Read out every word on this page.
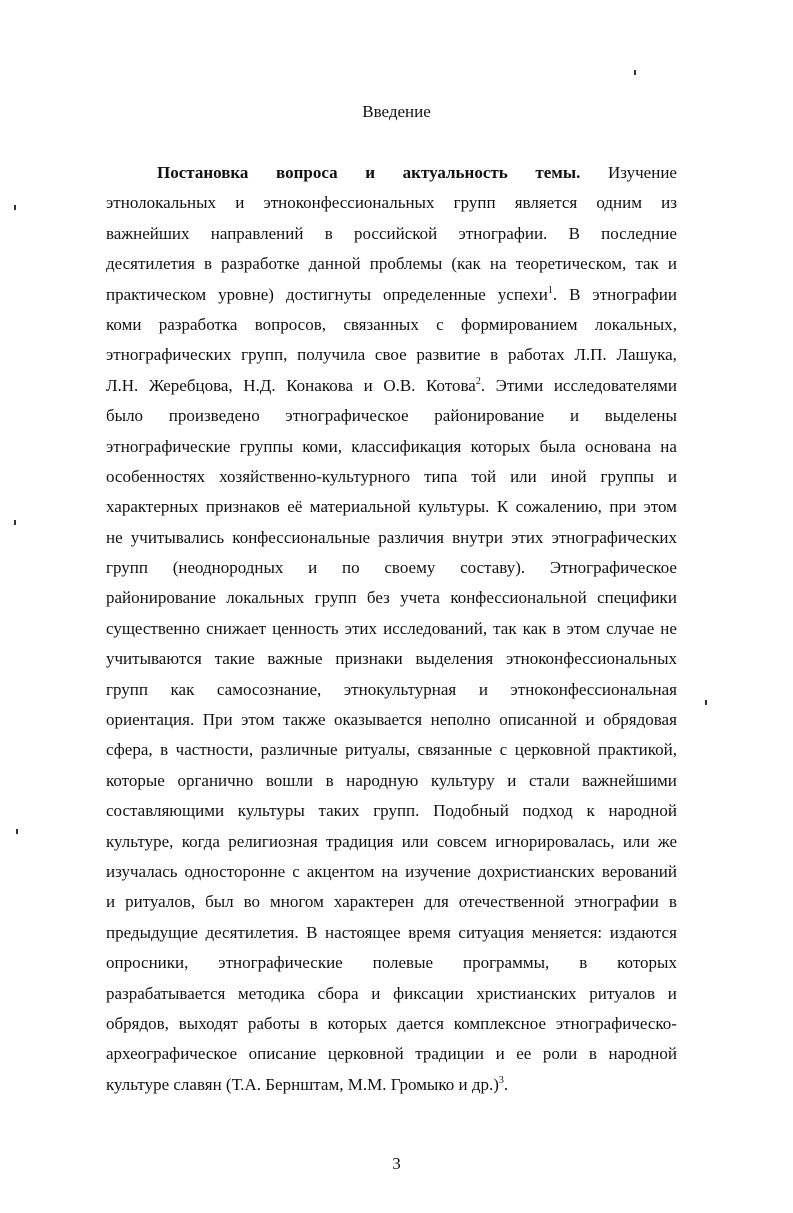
Введение
Постановка вопроса и актуальность темы. Изучение
этнолокальных и этноконфессиональных групп является одним из
важнейших направлений в российской этнографии. В последние
десятилетия в разработке данной проблемы (как на теоретическом, так и
практическом уровне) достигнуты определенные успехи$^1$. В этнографии
коми разработка вопросов, связанных с формированием локальных,
этнографических групп, получила свое развитие в работах Л.П. Лашука,
Л.Н. Жеребцова, Н.Д. Конакова и О.В. Котова$^2$. Этими исследователями
было произведено этнографическое районирование и выделены
этнографические группы коми, классификация которых была основана на
особенностях хозяйственно-культурного типа той или иной группы и
характерных признаков её материальной культуры. К сожалению, при этом
не учитывались конфессиональные различия внутри этих этнографических
групп (неоднородных и по своему составу). Этнографическое
районирование локальных групп без учета конфессиональной специфики
существенно снижает ценность этих исследований, так как в этом случае не
учитываются такие важные признаки выделения этноконфессиональных
групп как самосознание, этнокультурная и этноконфессиональная
ориентация. При этом также оказывается неполно описанной и обрядовая
сфера, в частности, различные ритуалы, связанные с церковной практикой,
которые органично вошли в народную культуру и стали важнейшими
составляющими культуры таких групп. Подобный подход к народной
культуре, когда религиозная традиция или совсем игнорировалась, или же
изучалась односторонне с акцентом на изучение дохристианских верований
и ритуалов, был во многом характерен для отечественной этнографии в
предыдущие десятилетия. В настоящее время ситуация меняется: издаются
опросники, этнографические полевые программы, в которых
разрабатывается методика сбора и фиксации христианских ритуалов и
обрядов, выходят работы в которых дается комплексное этнографическо-
археографическое описание церковной традиции и ее роли в народной
культуре
славян
(Т.А.
Бернштам,
М.М.
Громыко
и
др.)$^3$.
3
